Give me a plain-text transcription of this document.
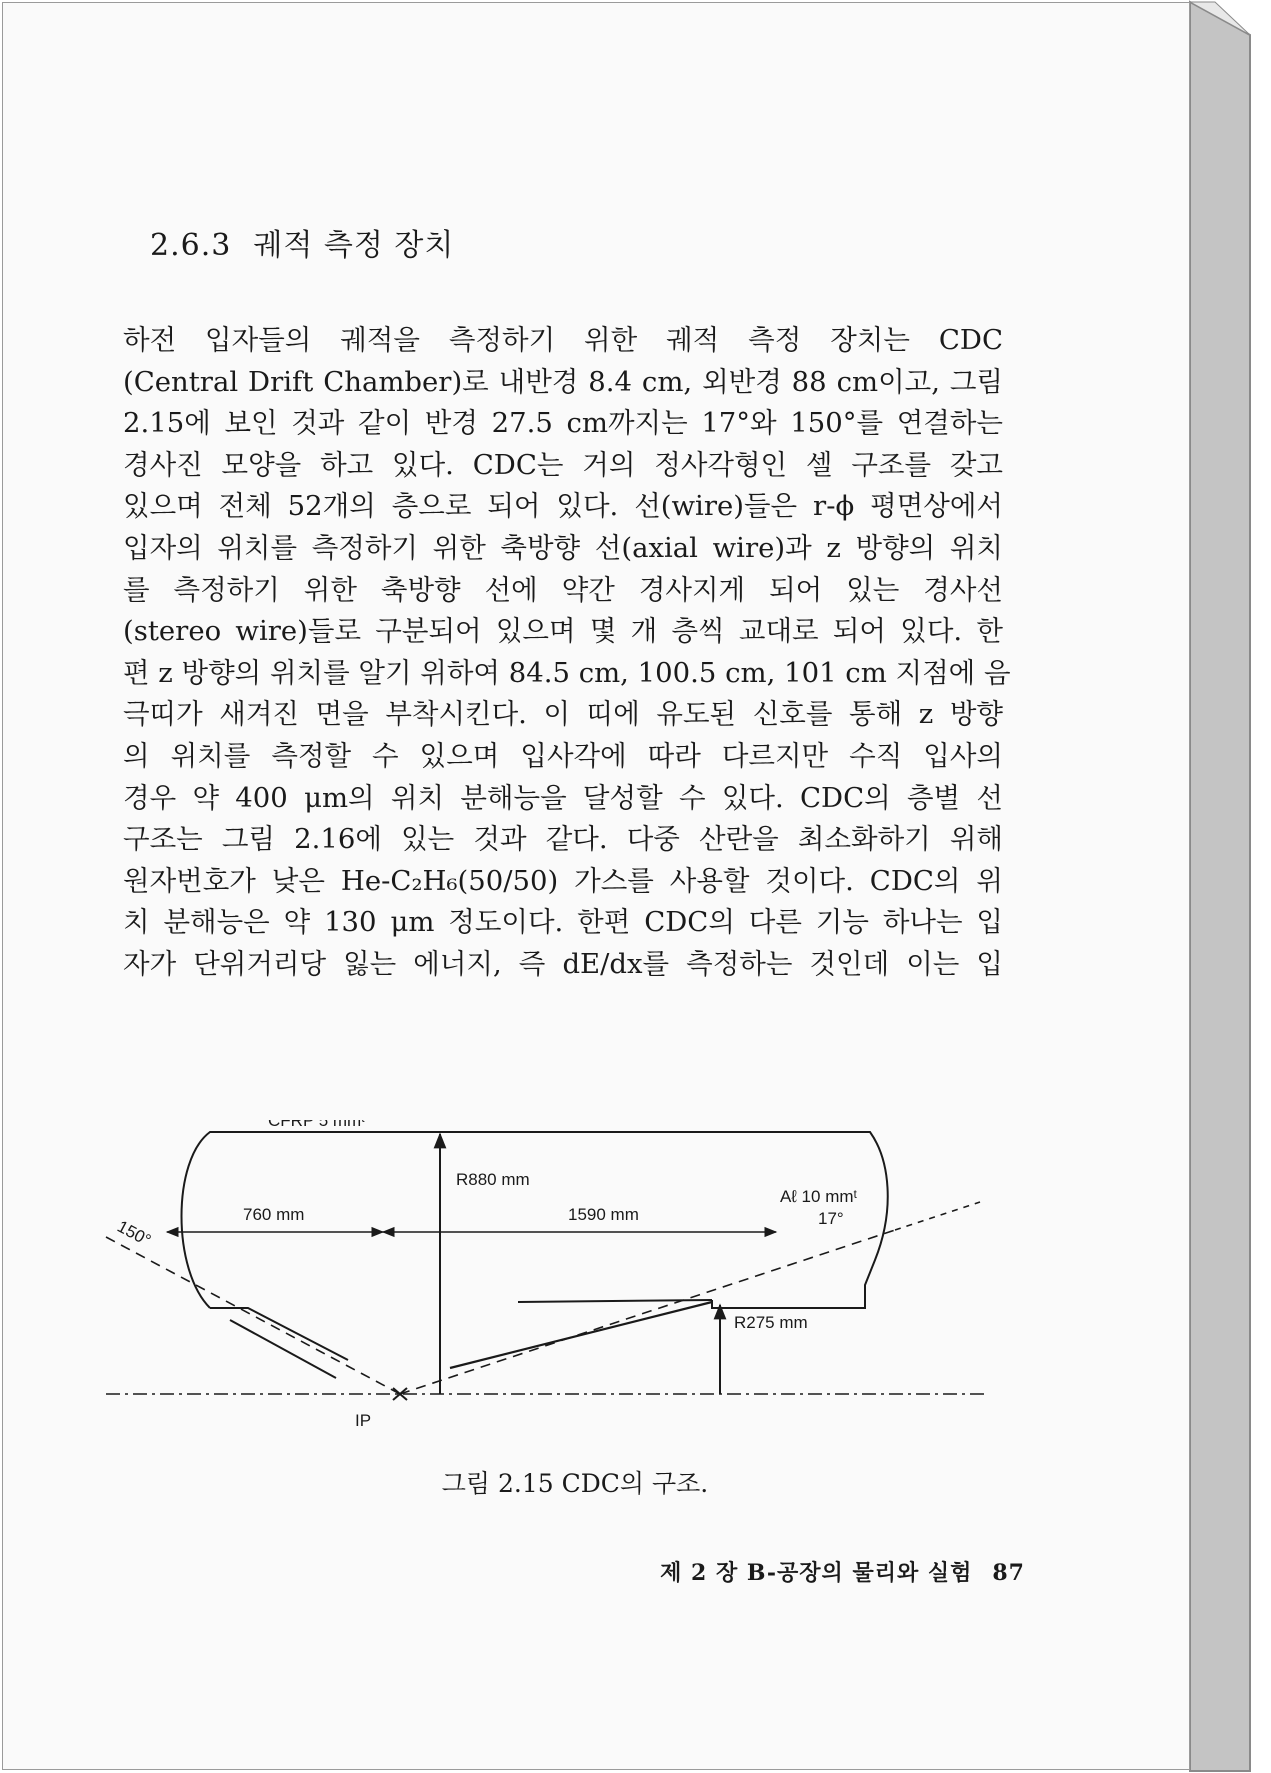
2.6.3 궤적 측정 장치
하전 입자들의 궤적을 측정하기 위한 궤적 측정 장치는 CDC
(Central Drift Chamber)로 내반경 8.4 cm, 외반경 88 cm이고, 그림
2.15에 보인 것과 같이 반경 27.5 cm까지는 17°와 150°를 연결하는
경사진 모양을 하고 있다. CDC는 거의 정사각형인 셀 구조를 갖고
있으며 전체 52개의 층으로 되어 있다. 선(wire)들은 r-ϕ 평면상에서
입자의 위치를 측정하기 위한 축방향 선(axial wire)과 z 방향의 위치
를 측정하기 위한 축방향 선에 약간 경사지게 되어 있는 경사선
(stereo wire)들로 구분되어 있으며 몇 개 층씩 교대로 되어 있다. 한
편 z 방향의 위치를 알기 위하여 84.5 cm, 100.5 cm, 101 cm 지점에 음
극띠가 새겨진 면을 부착시킨다. 이 띠에 유도된 신호를 통해 z 방향
의 위치를 측정할 수 있으며 입사각에 따라 다르지만 수직 입사의
경우 약 400 μm의 위치 분해능을 달성할 수 있다. CDC의 층별 선
구조는 그림 2.16에 있는 것과 같다. 다중 산란을 최소화하기 위해
원자번호가 낮은 He-C₂H₆(50/50) 가스를 사용할 것이다. CDC의 위
치 분해능은 약 130 μm 정도이다. 한편 CDC의 다른 기능 하나는 입
자가 단위거리당 잃는 에너지, 즉 dE/dx를 측정하는 것인데 이는 입
CFRP 5 mmᵗ
R880 mm
Aℓ 10 mmᵗ
760 mm	1590 mm
150°	17°
R275 mm
IP
그림 2.15 CDC의 구조.
제 2 장 B-공장의 물리와 실험 87
